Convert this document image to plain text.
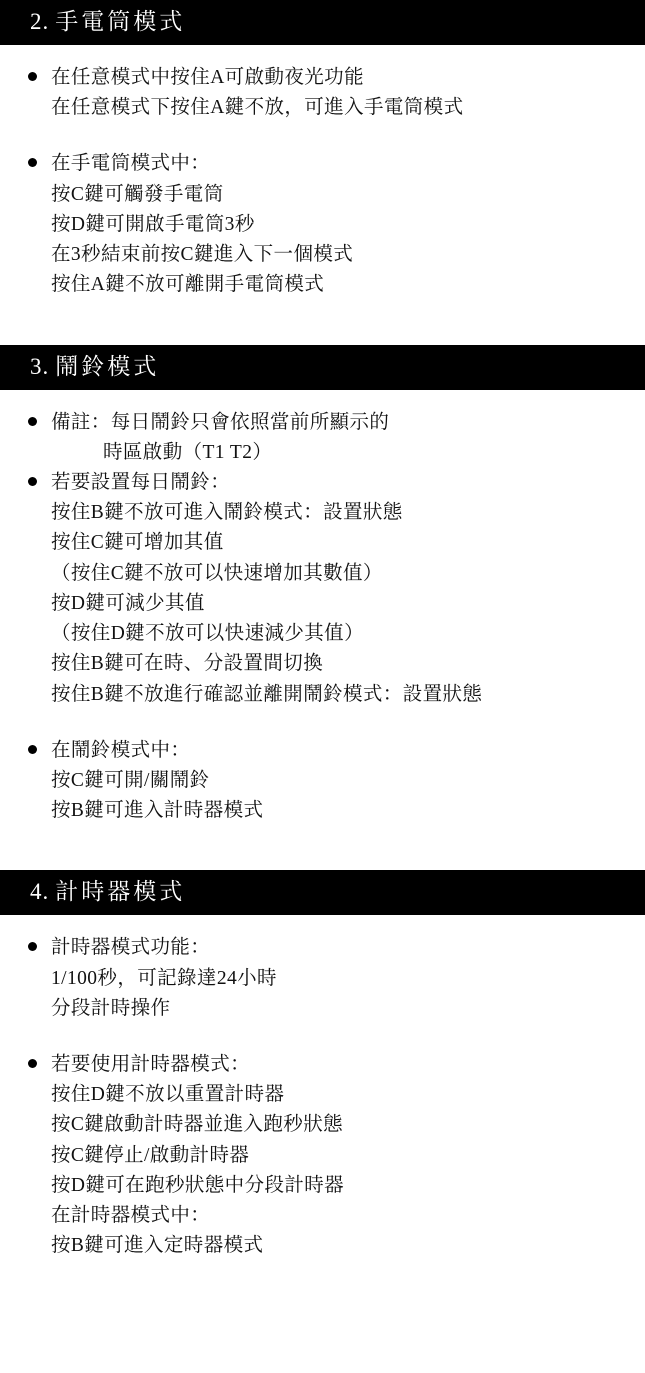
2. 手電筒模式
在任意模式中按住A可啟動夜光功能
在任意模式下按住A鍵不放，可進入手電筒模式
在手電筒模式中：
按C鍵可觸發手電筒
按D鍵可開啟手電筒3秒
在3秒結束前按C鍵進入下一個模式
按住A鍵不放可離開手電筒模式
3. 鬧鈴模式
備註：每日鬧鈴只會依照當前所顯示的
時區啟動（T1 T2）
若要設置每日鬧鈴：
按住B鍵不放可進入鬧鈴模式：設置狀態
按住C鍵可增加其值
（按住C鍵不放可以快速增加其數值）
按D鍵可減少其值
（按住D鍵不放可以快速減少其值）
按住B鍵可在時、分設置間切換
按住B鍵不放進行確認並離開鬧鈴模式：設置狀態
在鬧鈴模式中：
按C鍵可開/關鬧鈴
按B鍵可進入計時器模式
4. 計時器模式
計時器模式功能：
1/100秒，可記錄達24小時
分段計時操作
若要使用計時器模式：
按住D鍵不放以重置計時器
按C鍵啟動計時器並進入跑秒狀態
按C鍵停止/啟動計時器
按D鍵可在跑秒狀態中分段計時器
在計時器模式中：
按B鍵可進入定時器模式
